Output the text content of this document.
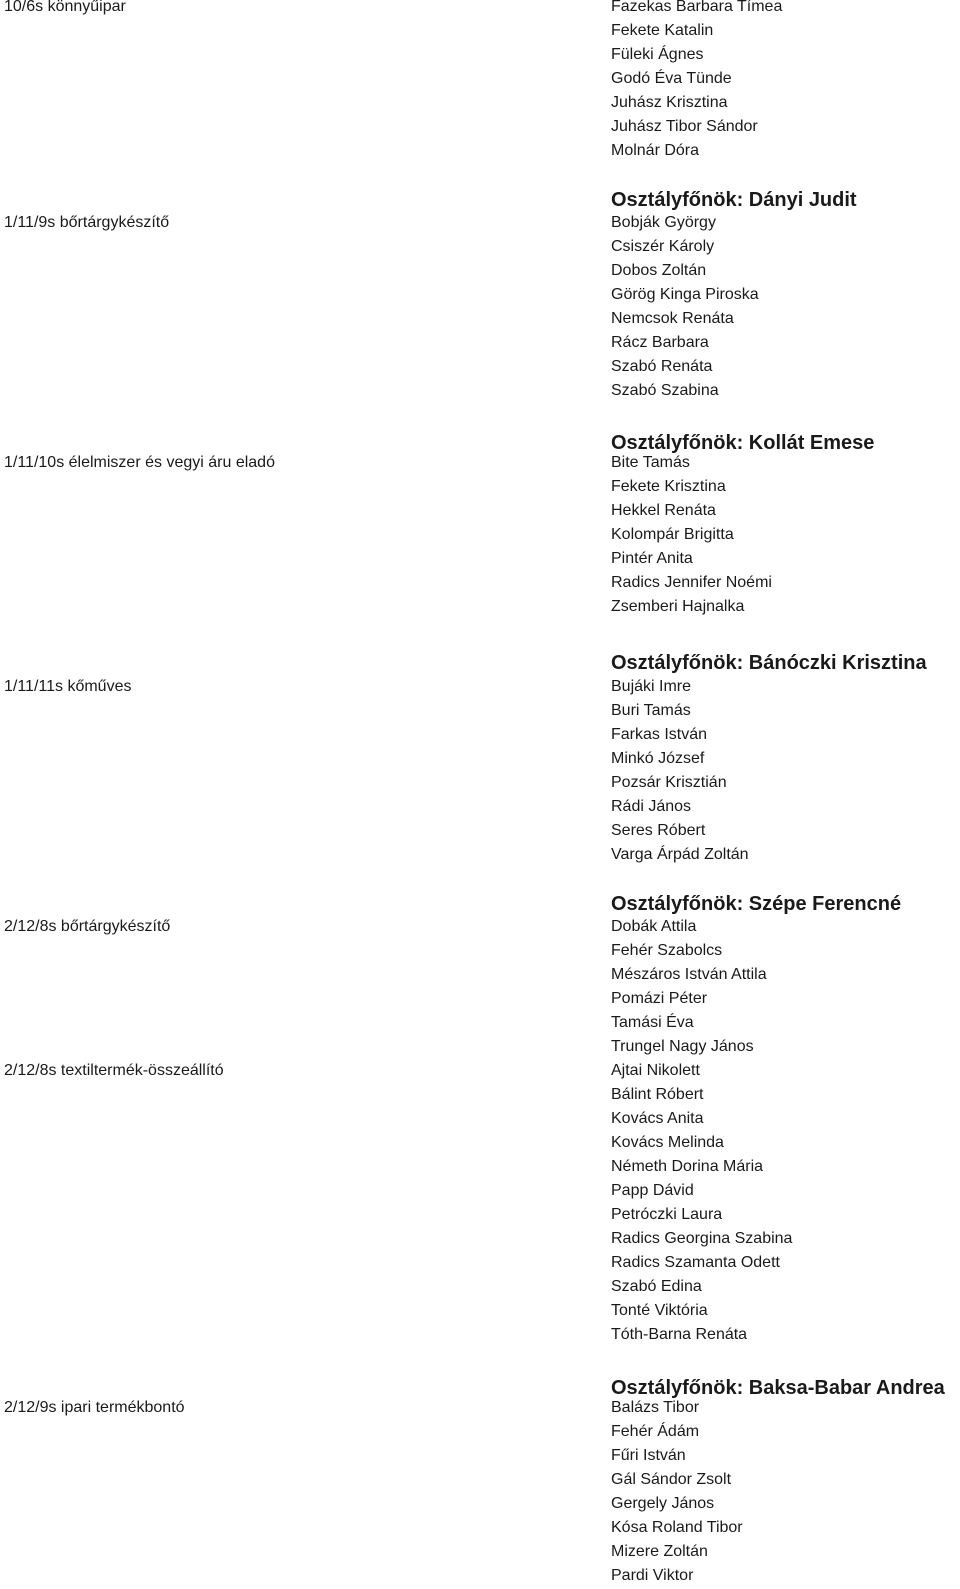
10/6s könnyűipar
1/11/9s bőrtárgykészítő
1/11/10s élelmiszer és vegyi áru eladó
1/11/11s kőműves
2/12/8s bőrtárgykészítő
2/12/8s textiltermék-összeállító
2/12/9s ipari termékbontó
Fazekas Barbara Tímea
Fekete Katalin
Füleki Ágnes
Godó Éva Tünde
Juhász Krisztina
Juhász Tibor Sándor
Molnár Dóra
Osztályfőnök: Dányi Judit
Bobják György
Csiszér Károly
Dobos Zoltán
Görög Kinga Piroska
Nemcsok Renáta
Rácz Barbara
Szabó Renáta
Szabó Szabina
Osztályfőnök: Kollát Emese
Bite Tamás
Fekete Krisztina
Hekkel Renáta
Kolompár Brigitta
Pintér Anita
Radics Jennifer Noémi
Zsemberi Hajnalka
Osztályfőnök: Bánóczki Krisztina
Bujáki Imre
Buri Tamás
Farkas István
Minkó József
Pozsár Krisztián
Rádi János
Seres Róbert
Varga Árpád Zoltán
Osztályfőnök: Szépe Ferencné
Dobák Attila
Fehér Szabolcs
Mészáros István Attila
Pomázi Péter
Tamási Éva
Trungel Nagy János
Ajtai Nikolett
Bálint Róbert
Kovács Anita
Kovács Melinda
Németh Dorina Mária
Papp Dávid
Petróczki Laura
Radics Georgina Szabina
Radics Szamanta Odett
Szabó Edina
Tonté Viktória
Tóth-Barna Renáta
Osztályfőnök: Baksa-Babar Andrea
Balázs Tibor
Fehér Ádám
Fűri István
Gál Sándor Zsolt
Gergely János
Kósa Roland Tibor
Mizere Zoltán
Pardi Viktor
